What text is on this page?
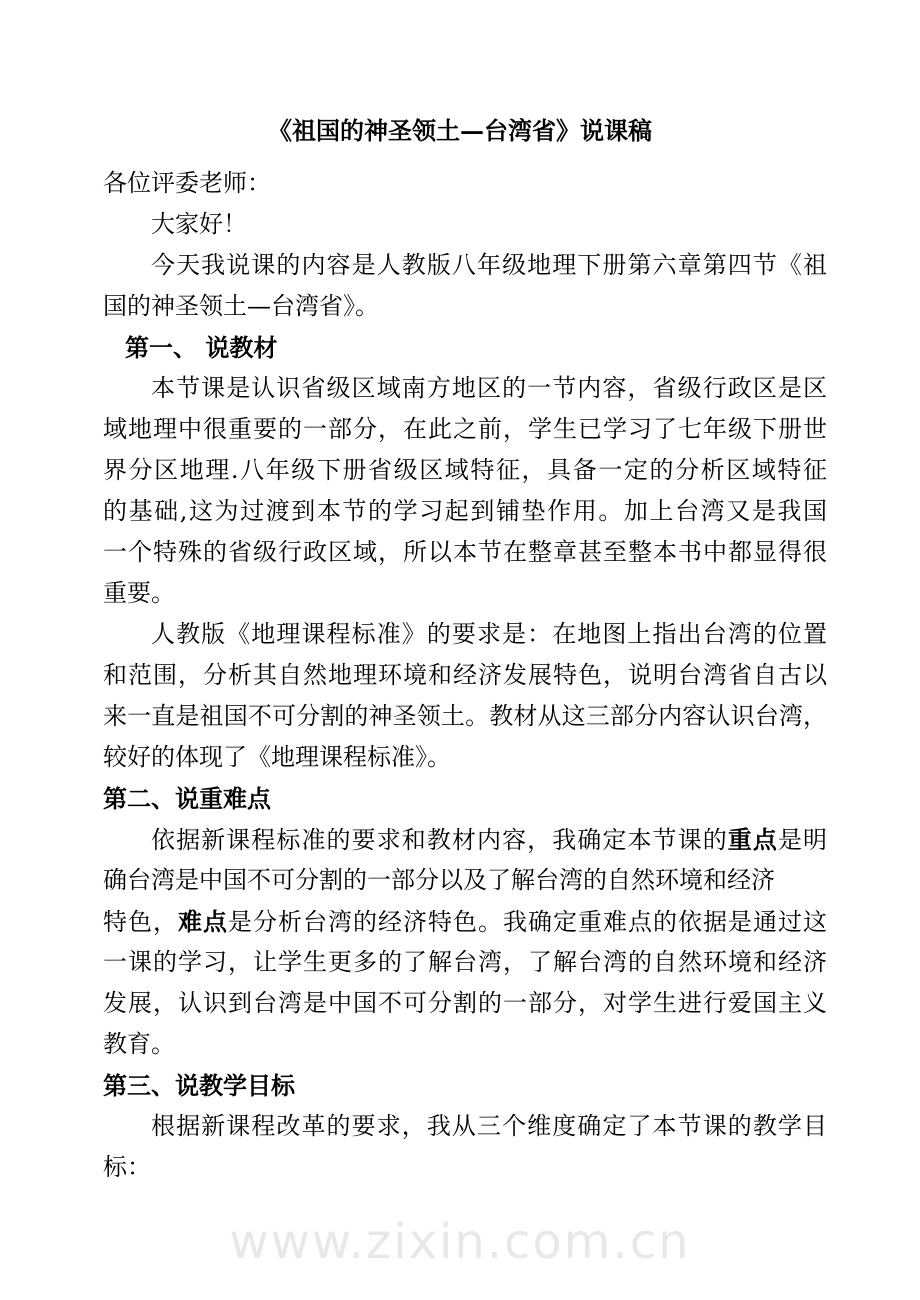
www.zixin.com.cn
《祖国的神圣领土—台湾省》说课稿
各位评委老师：
大家好！
今天我说课的内容是人教版八年级地理下册第六章第四节《祖
国的神圣领土—台湾省》。
第一、 说教材
本节课是认识省级区域南方地区的一节内容，省级行政区是区
域地理中很重要的一部分，在此之前，学生已学习了七年级下册世
界分区地理.八年级下册省级区域特征，具备一定的分析区域特征
的基础,这为过渡到本节的学习起到铺垫作用。加上台湾又是我国
一个特殊的省级行政区域，所以本节在整章甚至整本书中都显得很
重要。
人教版《地理课程标准》的要求是：在地图上指出台湾的位置
和范围，分析其自然地理环境和经济发展特色，说明台湾省自古以
来一直是祖国不可分割的神圣领土。教材从这三部分内容认识台湾，
较好的体现了《地理课程标准》。
第二、说重难点
依据新课程标准的要求和教材内容，我确定本节课的重点是明
确台湾是中国不可分割的一部分以及了解台湾的自然环境和经济
特色，难点是分析台湾的经济特色。我确定重难点的依据是通过这
一课的学习，让学生更多的了解台湾，了解台湾的自然环境和经济
发展，认识到台湾是中国不可分割的一部分，对学生进行爱国主义
教育。
第三、说教学目标
根据新课程改革的要求，我从三个维度确定了本节课的教学目
标：
